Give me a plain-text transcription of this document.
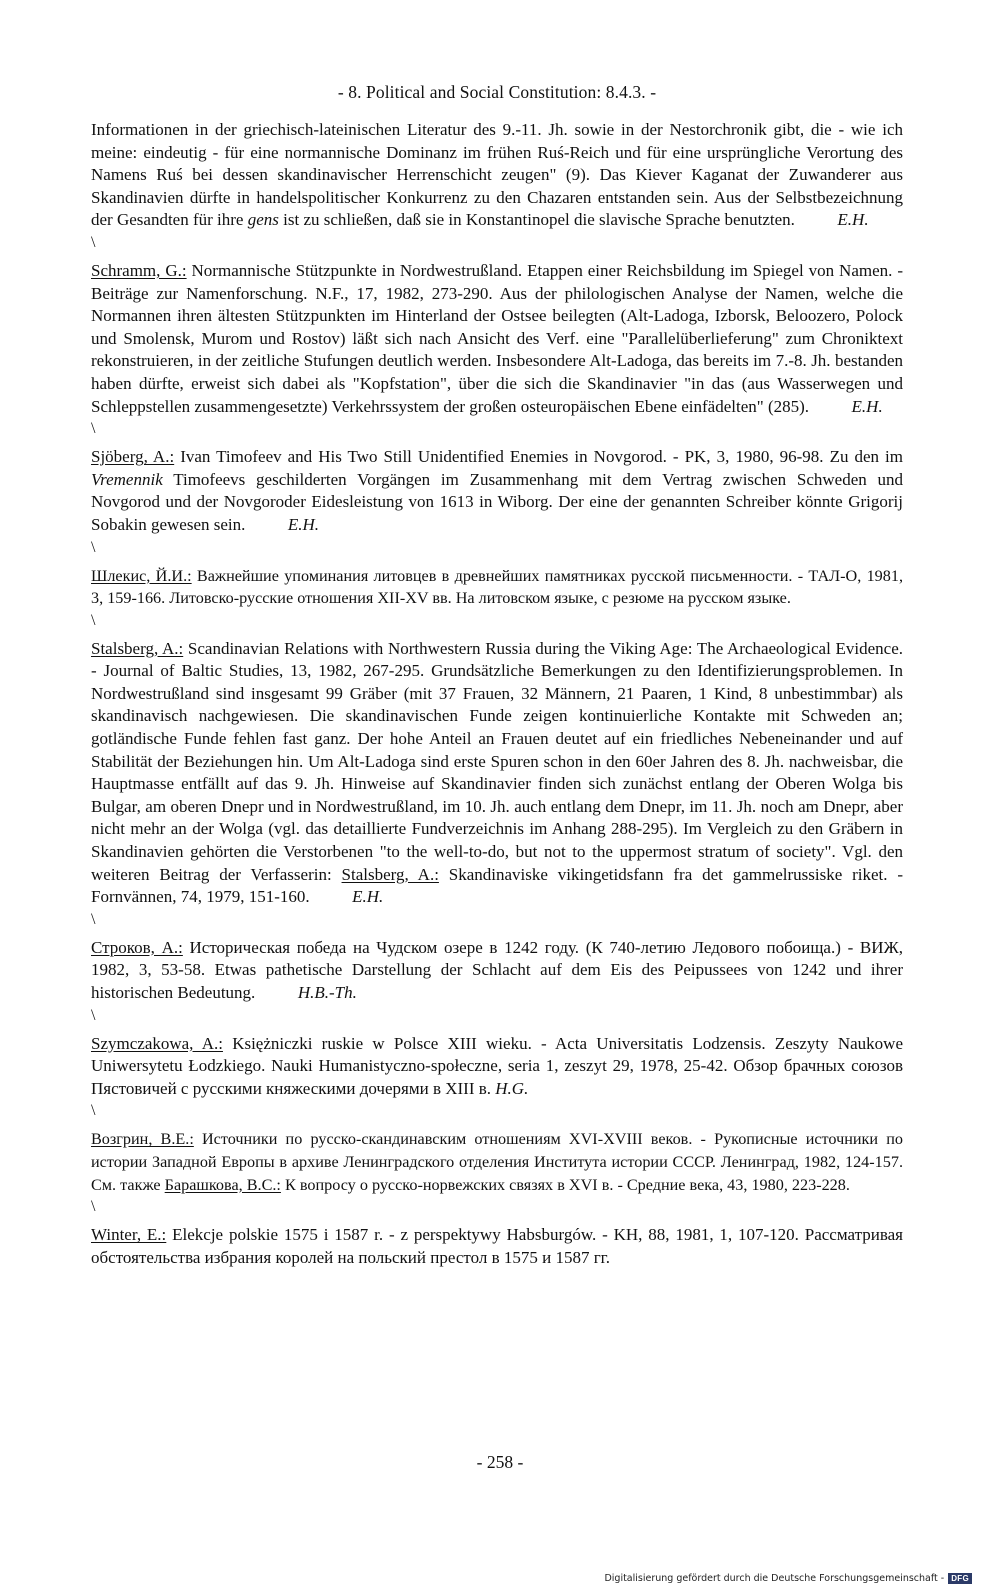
- 8. Political and Social Constitution: 8.4.3. -

Informationen in der griechisch-lateinischen Literatur des 9.-11. Jh. sowie in der Nestorchronik gibt, die - wie ich meine: eindeutig - für eine normannische Dominanz im frühen Ruś-Reich und für eine ursprüngliche Verortung des Namens Ruś bei dessen skandinavischer Herrenschicht zeugen" (9). Das Kiever Kaganat der Zuwanderer aus Skandinavien dürfte in handelspolitischer Konkurrenz zu den Chazaren entstanden sein. Aus der Selbstbezeichnung der Gesandten für ihre gens ist zu schließen, daß sie in Konstantinopel die slavische Sprache benutzten.	E.H.

\

Schramm, G.: Normannische Stützpunkte in Nordwestrußland. Etappen einer Reichsbildung im Spiegel von Namen. - Beiträge zur Namenforschung. N.F., 17, 1982, 273-290. Aus der philologischen Analyse der Namen, welche die Normannen ihren ältesten Stützpunkten im Hinterland der Ostsee beilegten (Alt-Ladoga, Izborsk, Beloozero, Polock und Smolensk, Murom und Rostov) läßt sich nach Ansicht des Verf. eine "Parallelüberlieferung" zum Chroniktext rekonstruieren, in der zeitliche Stufungen deutlich werden. Insbesondere Alt-Ladoga, das bereits im 7.-8. Jh. bestanden haben dürfte, erweist sich dabei als "Kopfstation", über die sich die Skandinavier "in das (aus Wasserwegen und Schleppstellen zusammengesetzte) Verkehrssystem der großen osteuropäischen Ebene einfädelten" (285).	E.H.

\

Sjöberg, A.: Ivan Timofeev and His Two Still Unidentified Enemies in Novgorod. - PK, 3, 1980, 96-98. Zu den im Vremennik Timofeevs geschilderten Vorgängen im Zusammenhang mit dem Vertrag zwischen Schweden und Novgorod und der Novgoroder Eidesleistung von 1613 in Wiborg. Der eine der genannten Schreiber könnte Grigorij Sobakin gewesen sein.	E.H.

\

Шлекис, Й.И.: Важнейшие упоминания литовцев в древнейших памятниках русской письменности. - ТАЛ-О, 1981, 3, 159-166. Литовско-русские отношения XII-XV вв. На литовском языке, с резюме на русском языке.

\

Stalsberg, A.: Scandinavian Relations with Northwestern Russia during the Viking Age: The Archaeological Evidence. - Journal of Baltic Studies, 13, 1982, 267-295. Grundsätzliche Bemerkungen zu den Identifizierungsproblemen. In Nordwestrußland sind insgesamt 99 Gräber (mit 37 Frauen, 32 Männern, 21 Paaren, 1 Kind, 8 unbestimmbar) als skandinavisch nachgewiesen. Die skandinavischen Funde zeigen kontinuierliche Kontakte mit Schweden an; gotländische Funde fehlen fast ganz. Der hohe Anteil an Frauen deutet auf ein friedliches Nebeneinander und auf Stabilität der Beziehungen hin. Um Alt-Ladoga sind erste Spuren schon in den 60er Jahren des 8. Jh. nachweisbar, die Hauptmasse entfällt auf das 9. Jh. Hinweise auf Skandinavier finden sich zunächst entlang der Oberen Wolga bis Bulgar, am oberen Dnepr und in Nordwestrußland, im 10. Jh. auch entlang dem Dnepr, im 11. Jh. noch am Dnepr, aber nicht mehr an der Wolga (vgl. das detaillierte Fundverzeichnis im Anhang 288-295). Im Vergleich zu den Gräbern in Skandinavien gehörten die Verstorbenen "to the well-to-do, but not to the uppermost stratum of society". Vgl. den weiteren Beitrag der Verfasserin: Stalsberg, A.: Skandinaviske vikingetidsfann fra det gammelrussiske riket. - Fornvännen, 74, 1979, 151-160.	E.H.

\

Строков, А.: Историческая победа на Чудском озере в 1242 году. (К 740-летию Ледового побоища.) - ВИЖ, 1982, 3, 53-58. Etwas pathetische Darstellung der Schlacht auf dem Eis des Peipussees von 1242 und ihrer historischen Bedeutung.	H.B.-Th.

\

Szymczakowa, A.: Księżniczki ruskie w Polsce XIII wieku. - Acta Universitatis Lodzensis. Zeszyty Naukowe Uniwersytetu Łodzkiego. Nauki Humanistyczno-społeczne, seria 1, zeszyt 29, 1978, 25-42. Обзор брачных союзов Пястовичей с русскими княжескими дочерями в XIII в. H.G.

\

Возгрин, В.Е.: Источники по русско-скандинавским отношениям XVI-XVIII веков. - Рукописные источники по истории Западной Европы в архиве Ленинградского отделения Института истории СССР. Ленинград, 1982, 124-157. См. также Барашкова, В.С.: К вопросу о русско-норвежских связях в XVI в. - Средние века, 43, 1980, 223-228.

\

Winter, E.: Elekcje polskie 1575 i 1587 r. - z perspektywy Habsburgów. - KH, 88, 1981, 1, 107-120. Рассматривая обстоятельства избрания королей на польский престол в 1575 и 1587 гг.

- 258 -
Digitalisierung gefördert durch die Deutsche Forschungsgemeinschaft - DFG
